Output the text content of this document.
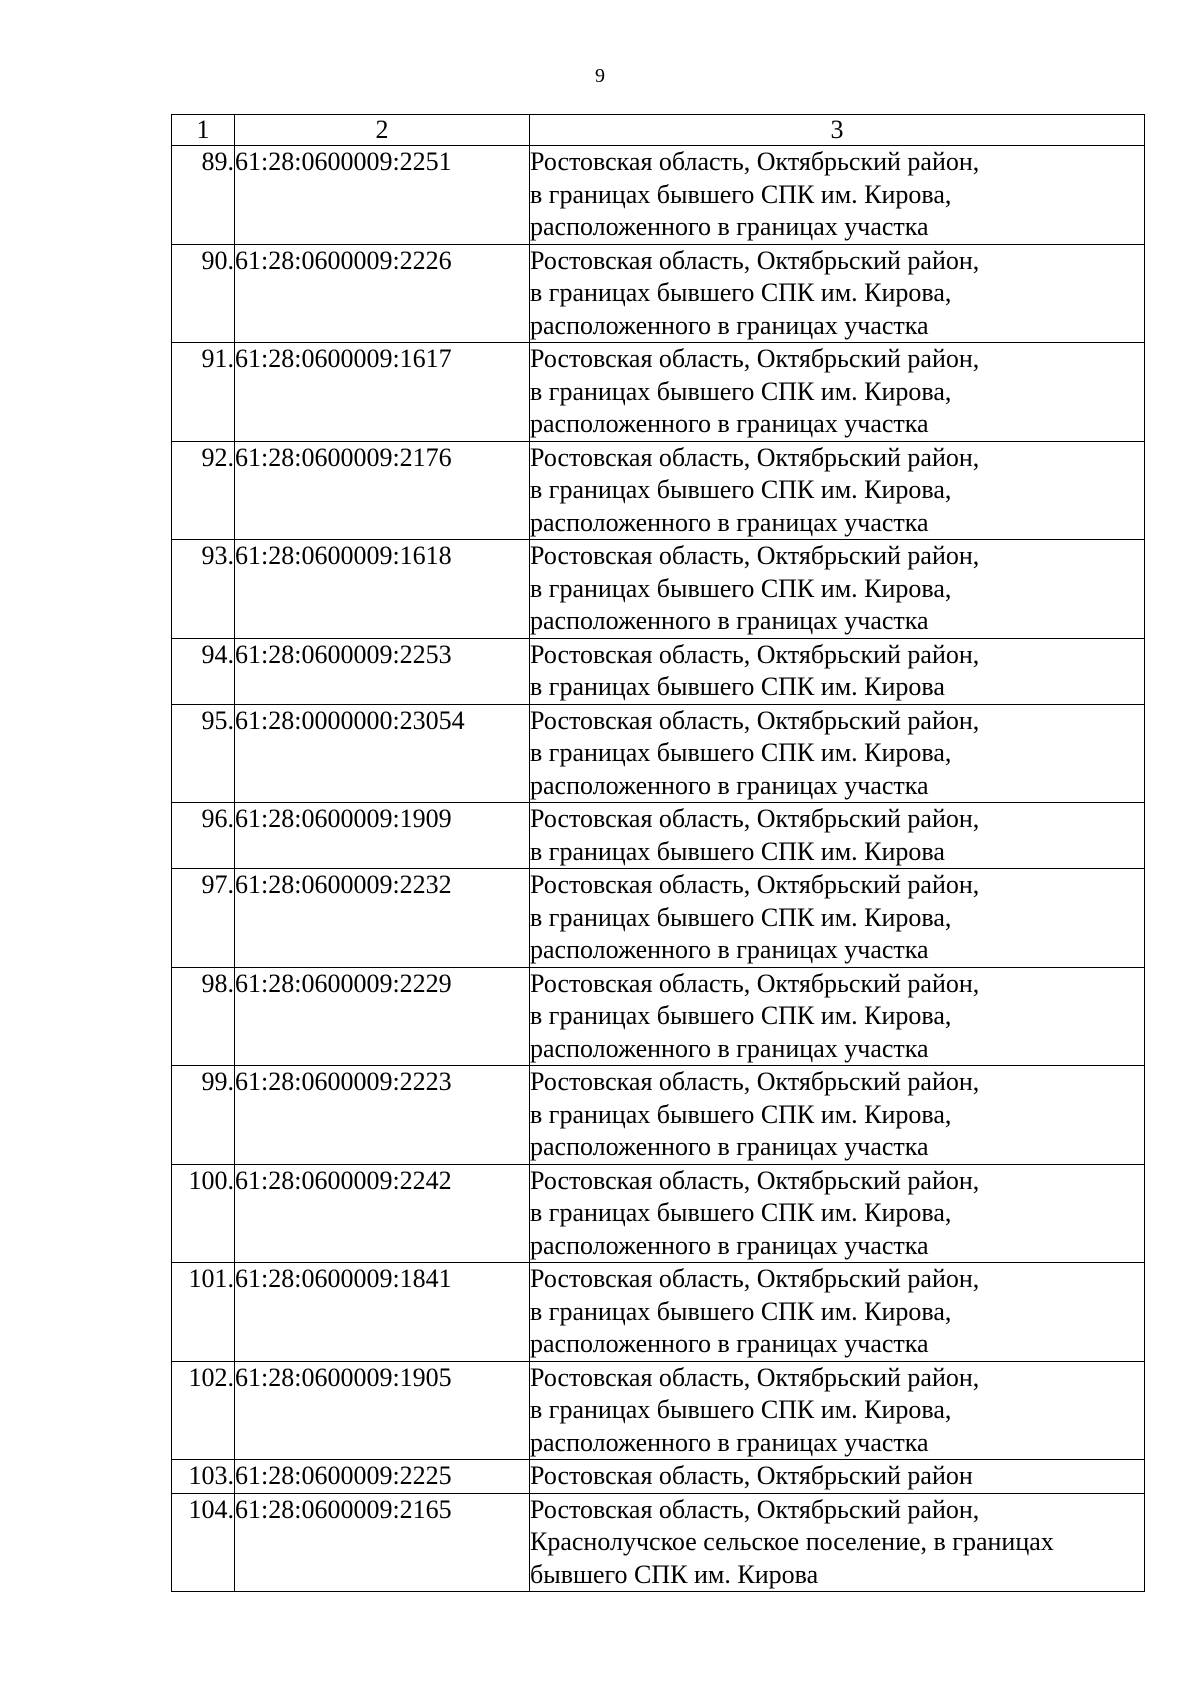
9
1	2	3
89.	61:28:0600009:2251	Ростовская область, Октябрьский район,
в границах бывшего СПК им. Кирова,
расположенного в границах участка

90.	61:28:0600009:2226	Ростовская область, Октябрьский район,
в границах бывшего СПК им. Кирова,
расположенного в границах участка

91.	61:28:0600009:1617	Ростовская область, Октябрьский район,
в границах бывшего СПК им. Кирова,
расположенного в границах участка

92.	61:28:0600009:2176	Ростовская область, Октябрьский район,
в границах бывшего СПК им. Кирова,
расположенного в границах участка

93.	61:28:0600009:1618	Ростовская область, Октябрьский район,
в границах бывшего СПК им. Кирова,
расположенного в границах участка

94.	61:28:0600009:2253	Ростовская область, Октябрьский район,
в границах бывшего СПК им. Кирова

95.	61:28:0000000:23054	Ростовская область, Октябрьский район,
в границах бывшего СПК им. Кирова,
расположенного в границах участка

96.	61:28:0600009:1909	Ростовская область, Октябрьский район,
в границах бывшего СПК им. Кирова

97.	61:28:0600009:2232	Ростовская область, Октябрьский район,
в границах бывшего СПК им. Кирова,
расположенного в границах участка

98.	61:28:0600009:2229	Ростовская область, Октябрьский район,
в границах бывшего СПК им. Кирова,
расположенного в границах участка

99.	61:28:0600009:2223	Ростовская область, Октябрьский район,
в границах бывшего СПК им. Кирова,
расположенного в границах участка

100.	61:28:0600009:2242	Ростовская область, Октябрьский район,
в границах бывшего СПК им. Кирова,
расположенного в границах участка

101.	61:28:0600009:1841	Ростовская область, Октябрьский район,
в границах бывшего СПК им. Кирова,
расположенного в границах участка

102.	61:28:0600009:1905	Ростовская область, Октябрьский район,
в границах бывшего СПК им. Кирова,
расположенного в границах участка

103.	61:28:0600009:2225	Ростовская область, Октябрьский район

104.	61:28:0600009:2165	Ростовская область, Октябрьский район,
Краснолучское сельское поселение, в границах
бывшего СПК им. Кирова
